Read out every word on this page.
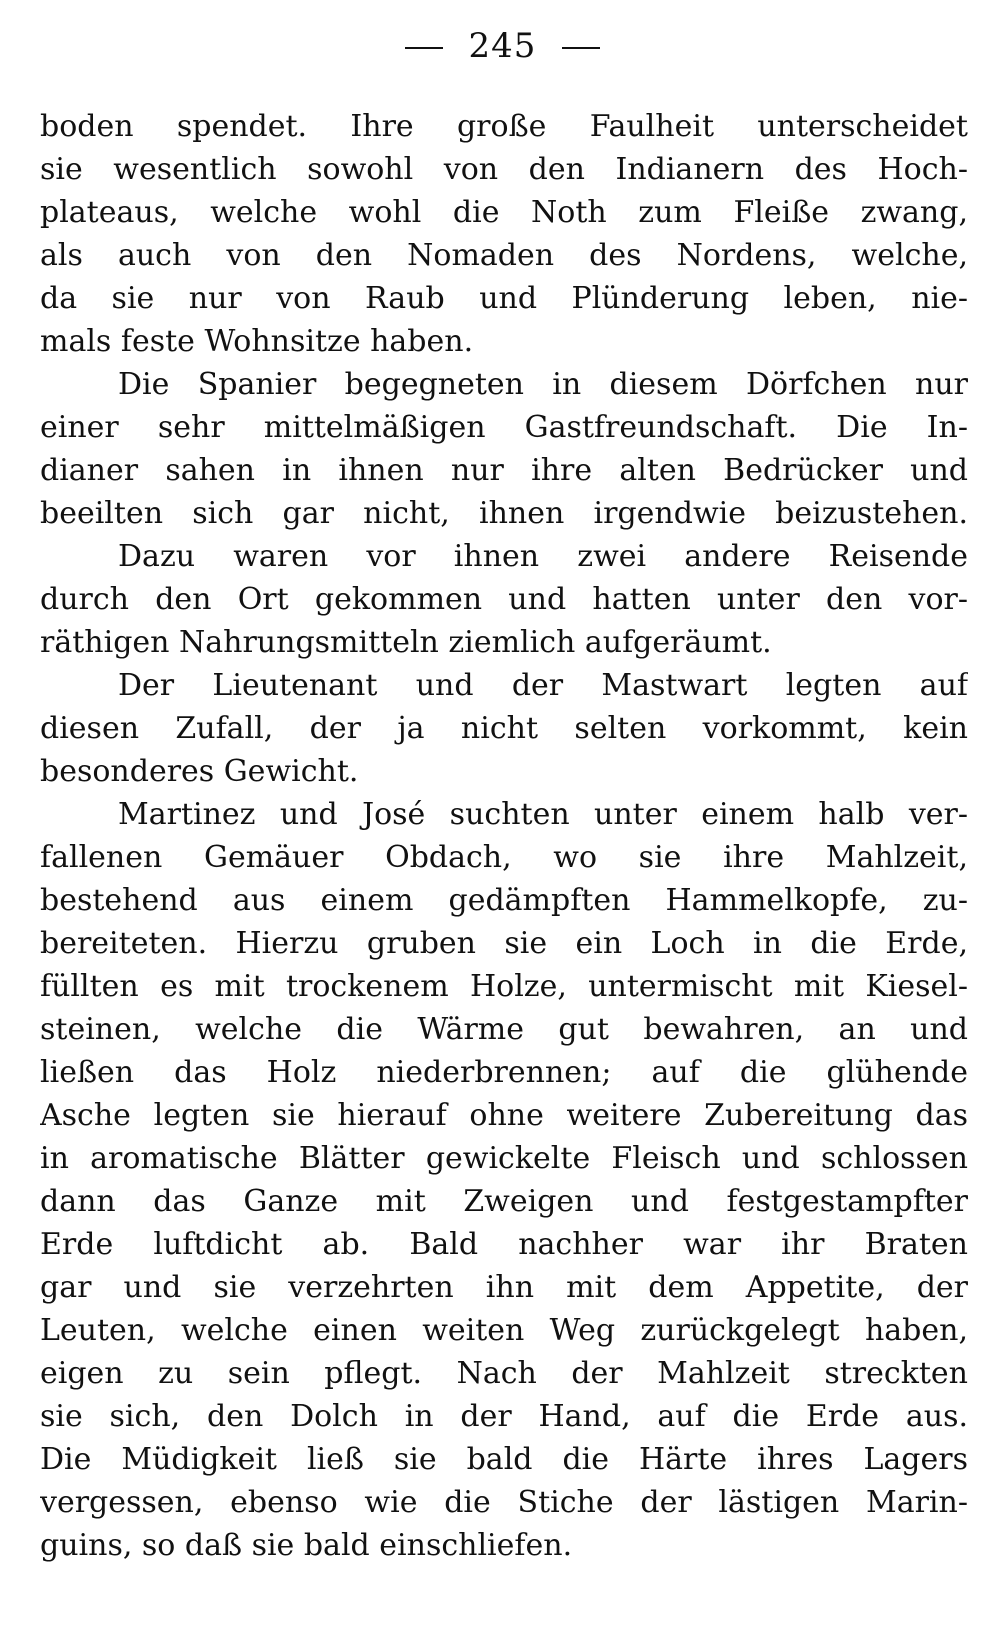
245
boden spendet. Ihre große Faulheit unterscheidet
sie wesentlich sowohl von den Indianern des Hoch-
plateaus, welche wohl die Noth zum Fleiße zwang,
als auch von den Nomaden des Nordens, welche,
da sie nur von Raub und Plünderung leben, nie-
mals feste Wohnsitze haben.
Die Spanier begegneten in diesem Dörfchen nur
einer sehr mittelmäßigen Gastfreundschaft. Die In-
dianer sahen in ihnen nur ihre alten Bedrücker und
beeilten sich gar nicht, ihnen irgendwie beizustehen.
Dazu waren vor ihnen zwei andere Reisende
durch den Ort gekommen und hatten unter den vor-
räthigen Nahrungsmitteln ziemlich aufgeräumt.
Der Lieutenant und der Mastwart legten auf
diesen Zufall, der ja nicht selten vorkommt, kein
besonderes Gewicht.
Martinez und José suchten unter einem halb ver-
fallenen Gemäuer Obdach, wo sie ihre Mahlzeit,
bestehend aus einem gedämpften Hammelkopfe, zu-
bereiteten. Hierzu gruben sie ein Loch in die Erde,
füllten es mit trockenem Holze, untermischt mit Kiesel-
steinen, welche die Wärme gut bewahren, an und
ließen das Holz niederbrennen; auf die glühende
Asche legten sie hierauf ohne weitere Zubereitung das
in aromatische Blätter gewickelte Fleisch und schlossen
dann das Ganze mit Zweigen und festgestampfter
Erde luftdicht ab. Bald nachher war ihr Braten
gar und sie verzehrten ihn mit dem Appetite, der
Leuten, welche einen weiten Weg zurückgelegt haben,
eigen zu sein pflegt. Nach der Mahlzeit streckten
sie sich, den Dolch in der Hand, auf die Erde aus.
Die Müdigkeit ließ sie bald die Härte ihres Lagers
vergessen, ebenso wie die Stiche der lästigen Marin-
guins, so daß sie bald einschliefen.
